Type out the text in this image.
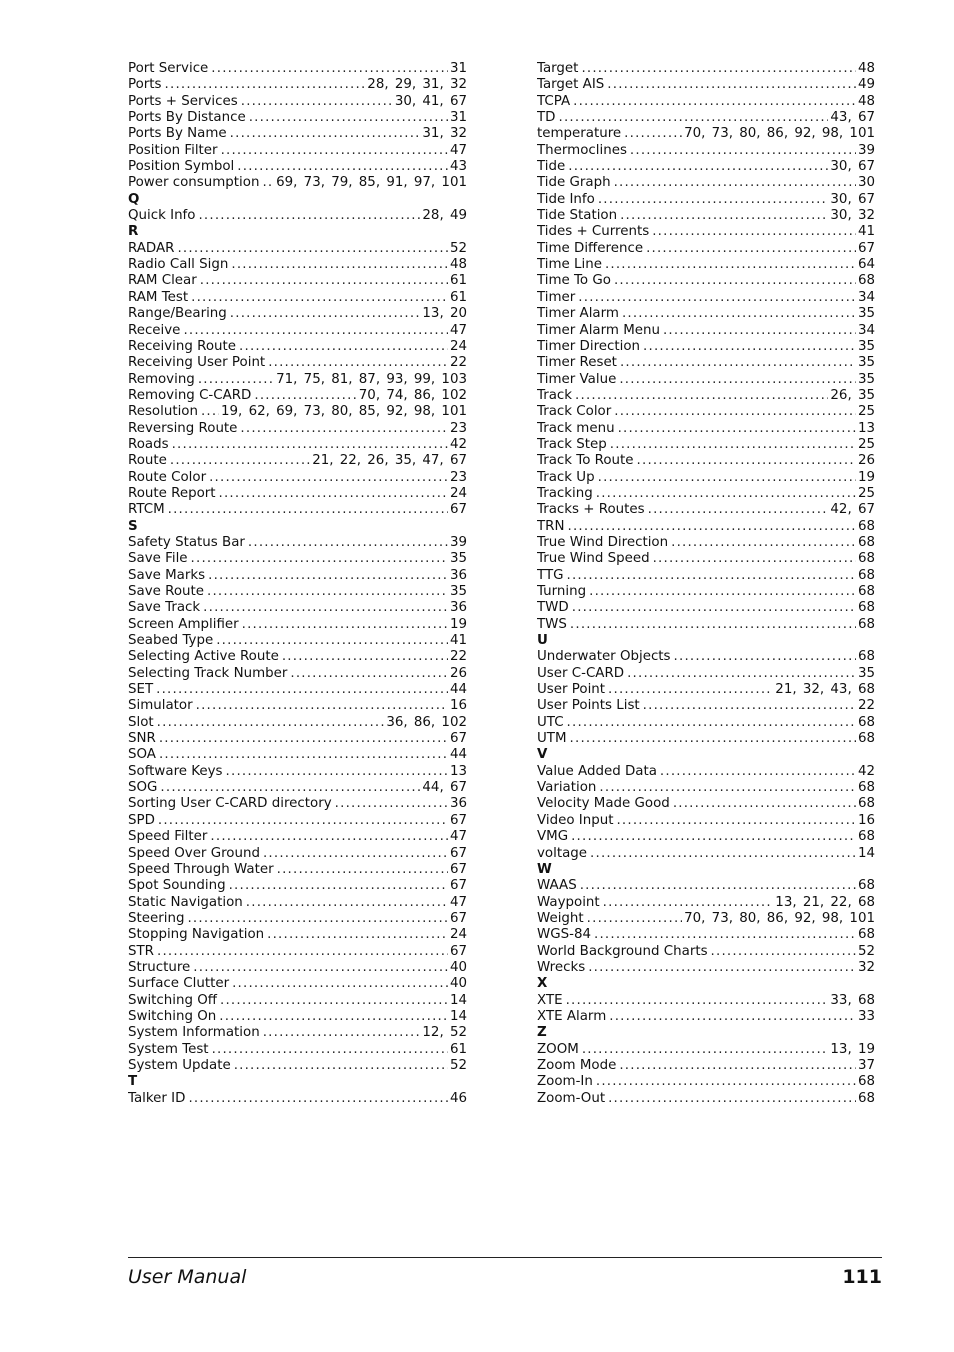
Port Service .....	31
Ports .....	28, 29, 31, 32
Ports + Services .....	30, 41, 67
Ports By Distance .....	31
Ports By Name .....	31, 32
Position Filter .....	47
Position Symbol .....	43
Power consumption ..... 69, 73, 79, 85, 91, 97, 101
Q
Quick Info .....	28, 49
R
RADAR .....	52
Radio Call Sign .....	48
RAM Clear .....	61
RAM Test .....	61
Range/Bearing .....	13, 20
Receive .....	47
Receiving Route .....	24
Receiving User Point .....	22
Removing .....	71, 75, 81, 87, 93, 99, 103
Removing C-CARD .....	70, 74, 86, 102
Resolution ..... 19, 62, 69, 73, 80, 85, 92, 98, 101
Reversing Route .....	23
Roads .....	42
Route .....	21, 22, 26, 35, 47, 67
Route Color .....	23
Route Report .....	24
RTCM .....	67
S
Safety Status Bar .....	39
Save File .....	35
Save Marks .....	36
Save Route .....	35
Save Track .....	36
Screen Amplifier .....	19
Seabed Type .....	41
Selecting Active Route .....	22
Selecting Track Number .....	26
SET .....	44
Simulator .....	16
Slot .....	36, 86, 102
SNR .....	67
SOA .....	44
Software Keys .....	13
SOG .....	44, 67
Sorting User C-CARD directory .....	36
SPD .....	67
Speed Filter .....	47
Speed Over Ground .....	67
Speed Through Water .....	67
Spot Sounding .....	67
Static Navigation .....	47
Steering .....	67
Stopping Navigation .....	24
STR .....	67
Structure .....	40
Surface Clutter .....	40
Switching Off .....	14
Switching On .....	14
System Information .....	12, 52
System Test .....	61
System Update .....	52
T
Talker ID .....	46
Target .....	48
Target AIS .....	49
TCPA .....	48
TD .....	43, 67
temperature .....	70, 73, 80, 86, 92, 98, 101
Thermoclines .....	39
Tide .....	30, 67
Tide Graph .....	30
Tide Info .....	30, 67
Tide Station .....	30, 32
Tides + Currents .....	41
Time Difference .....	67
Time Line .....	64
Time To Go .....	68
Timer .....	34
Timer Alarm .....	35
Timer Alarm Menu .....	34
Timer Direction .....	35
Timer Reset .....	35
Timer Value .....	35
Track .....	26, 35
Track Color .....	25
Track menu .....	13
Track Step .....	25
Track To Route .....	26
Track Up .....	19
Tracking .....	25
Tracks + Routes .....	42, 67
TRN .....	68
True Wind Direction .....	68
True Wind Speed .....	68
TTG .....	68
Turning .....	68
TWD .....	68
TWS .....	68
U
Underwater Objects .....	68
User C-CARD .....	35
User Point .....	21, 32, 43, 68
User Points List .....	22
UTC .....	68
UTM .....	68
V
Value Added Data .....	42
Variation .....	68
Velocity Made Good .....	68
Video Input .....	16
VMG .....	68
voltage .....	14
W
WAAS .....	68
Waypoint .....	13, 21, 22, 68
Weight .....	70, 73, 80, 86, 92, 98, 101
WGS-84 .....	68
World Background Charts .....	52
Wrecks .....	32
X
XTE .....	33, 68
XTE Alarm .....	33
Z
ZOOM .....	13, 19
Zoom Mode .....	37
Zoom-In .....	68
Zoom-Out .....	68
User Manual	111
